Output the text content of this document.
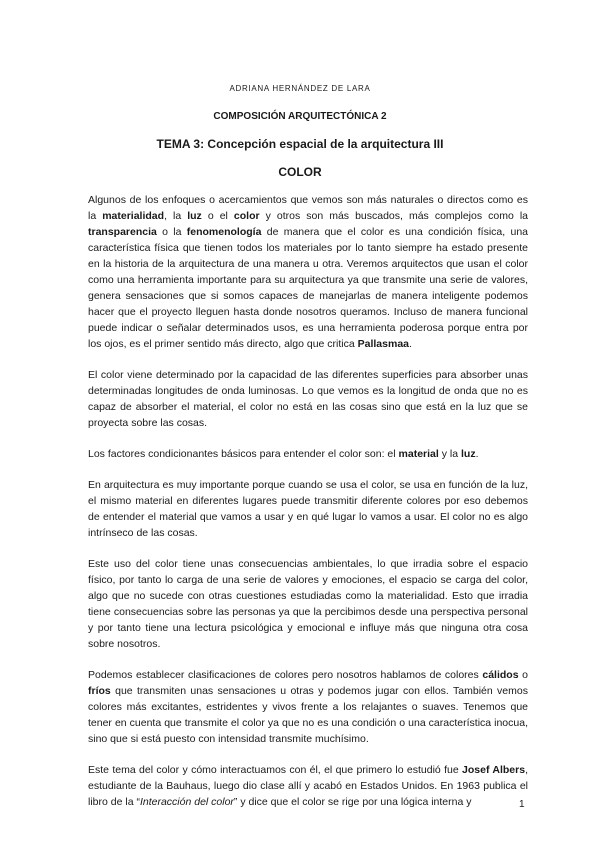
ADRIANA HERNÁNDEZ DE LARA
COMPOSICIÓN ARQUITECTÓNICA 2
TEMA 3: Concepción espacial de la arquitectura III
COLOR

Algunos de los enfoques o acercamientos que vemos son más naturales o directos como es la materialidad, la luz o el color y otros son más buscados, más complejos como la transparencia o la fenomenología de manera que el color es una condición física, una característica física que tienen todos los materiales por lo tanto siempre ha estado presente en la historia de la arquitectura de una manera u otra. Veremos arquitectos que usan el color como una herramienta importante para su arquitectura ya que transmite una serie de valores, genera sensaciones que si somos capaces de manejarlas de manera inteligente podemos hacer que el proyecto lleguen hasta donde nosotros queramos. Incluso de manera funcional puede indicar o señalar determinados usos, es una herramienta poderosa porque entra por los ojos, es el primer sentido más directo, algo que critica Pallasmaa.

El color viene determinado por la capacidad de las diferentes superficies para absorber unas determinadas longitudes de onda luminosas. Lo que vemos es la longitud de onda que no es capaz de absorber el material, el color no está en las cosas sino que está en la luz que se proyecta sobre las cosas.

Los factores condicionantes básicos para entender el color son: el material y la luz.

En arquitectura es muy importante porque cuando se usa el color, se usa en función de la luz, el mismo material en diferentes lugares puede transmitir diferente colores por eso debemos de entender el material que vamos a usar y en qué lugar lo vamos a usar. El color no es algo intrínseco de las cosas.

Este uso del color tiene unas consecuencias ambientales, lo que irradia sobre el espacio físico, por tanto lo carga de una serie de valores y emociones, el espacio se carga del color, algo que no sucede con otras cuestiones estudiadas como la materialidad. Esto que irradia tiene consecuencias sobre las personas ya que la percibimos desde una perspectiva personal y por tanto tiene una lectura psicológica y emocional e influye más que ninguna otra cosa sobre nosotros.

Podemos establecer clasificaciones de colores pero nosotros hablamos de colores cálidos o fríos que transmiten unas sensaciones u otras y podemos jugar con ellos. También vemos colores más excitantes, estridentes y vivos frente a los relajantes o suaves. Tenemos que tener en cuenta que transmite el color ya que no es una condición o una característica inocua, sino que si está puesto con intensidad transmite muchísimo.

Este tema del color y cómo interactuamos con él, el que primero lo estudió fue Josef Albers, estudiante de la Bauhaus, luego dio clase allí y acabó en Estados Unidos. En 1963 publica el libro de la “Interacción del color” y dice que el color se rige por una lógica interna y	1
